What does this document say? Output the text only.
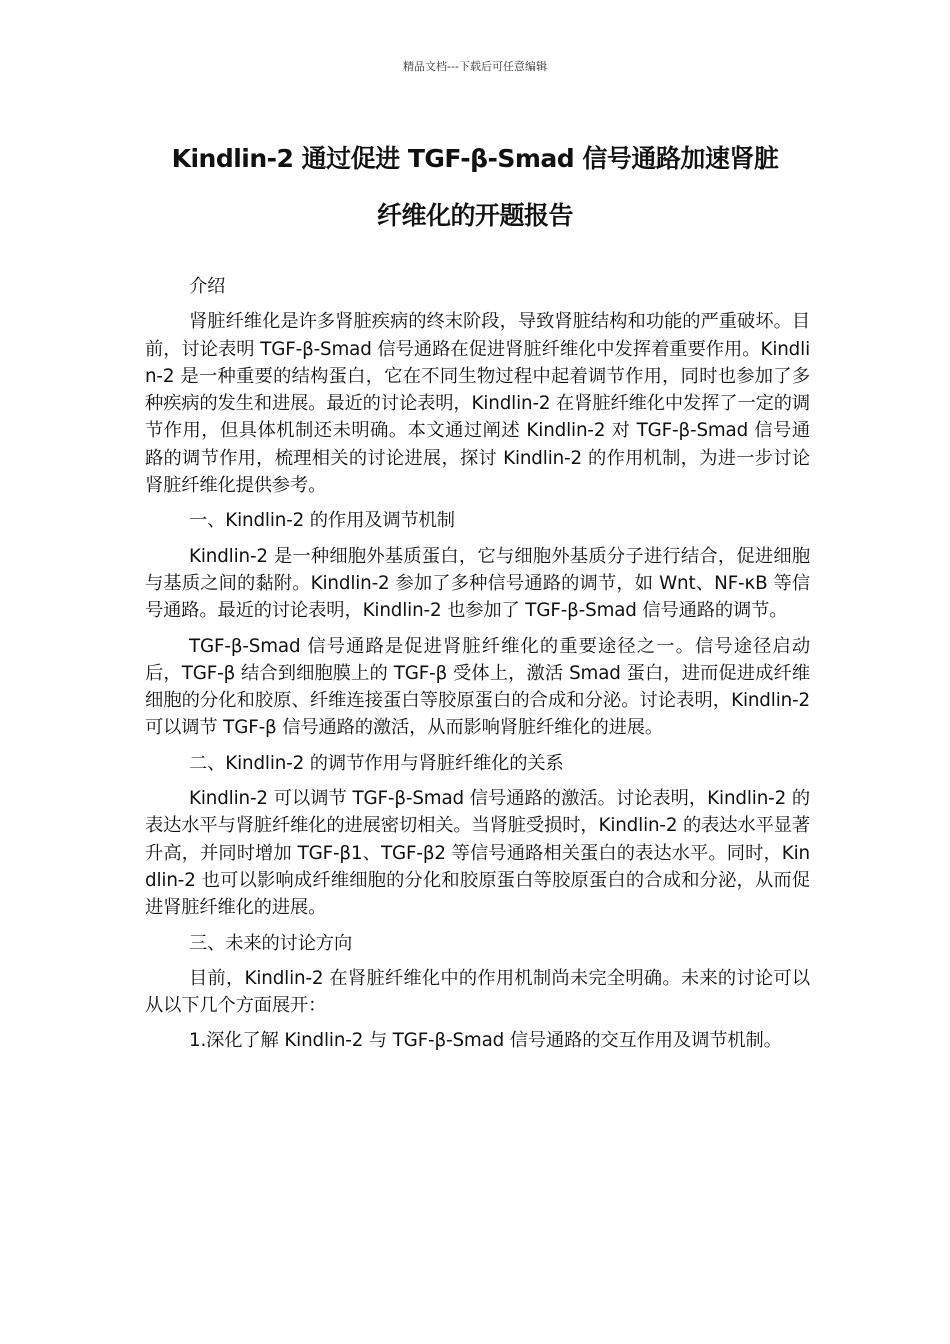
精品文档---下载后可任意编辑
Kindlin-2 通过促进 TGF-β-Smad 信号通路加速肾脏
纤维化的开题报告

介绍

肾脏纤维化是许多肾脏疾病的终末阶段，导致肾脏结构和功能的严重破坏。目前，讨论表明 TGF-β-Smad 信号通路在促进肾脏纤维化中发挥着重要作用。Kindlin-2 是一种重要的结构蛋白，它在不同生物过程中起着调节作用，同时也参加了多种疾病的发生和进展。最近的讨论表明，Kindlin-2 在肾脏纤维化中发挥了一定的调节作用，但具体机制还未明确。本文通过阐述 Kindlin-2 对 TGF-β-Smad 信号通路的调节作用，梳理相关的讨论进展，探讨 Kindlin-2 的作用机制，为进一步讨论肾脏纤维化提供参考。

一、Kindlin-2 的作用及调节机制

Kindlin-2 是一种细胞外基质蛋白，它与细胞外基质分子进行结合，促进细胞与基质之间的黏附。Kindlin-2 参加了多种信号通路的调节，如 Wnt、NF-κB 等信号通路。最近的讨论表明，Kindlin-2 也参加了 TGF-β-Smad 信号通路的调节。

TGF-β-Smad 信号通路是促进肾脏纤维化的重要途径之一。信号途径启动后，TGF-β 结合到细胞膜上的 TGF-β 受体上，激活 Smad 蛋白，进而促进成纤维细胞的分化和胶原、纤维连接蛋白等胶原蛋白的合成和分泌。讨论表明，Kindlin-2 可以调节 TGF-β 信号通路的激活，从而影响肾脏纤维化的进展。

二、Kindlin-2 的调节作用与肾脏纤维化的关系

Kindlin-2 可以调节 TGF-β-Smad 信号通路的激活。讨论表明，Kindlin-2 的表达水平与肾脏纤维化的进展密切相关。当肾脏受损时，Kindlin-2 的表达水平显著升高，并同时增加 TGF-β1、TGF-β2 等信号通路相关蛋白的表达水平。同时，Kindlin-2 也可以影响成纤维细胞的分化和胶原蛋白等胶原蛋白的合成和分泌，从而促进肾脏纤维化的进展。

三、未来的讨论方向

目前，Kindlin-2 在肾脏纤维化中的作用机制尚未完全明确。未来的讨论可以从以下几个方面展开：

1.深化了解 Kindlin-2 与 TGF-β-Smad 信号通路的交互作用及调节机制。
